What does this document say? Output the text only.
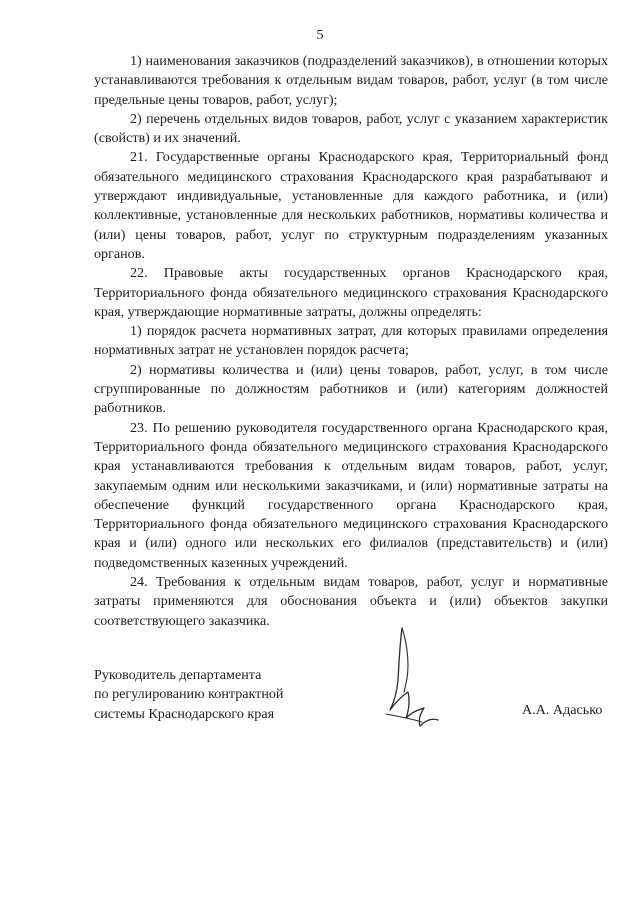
5

1) наименования заказчиков (подразделений заказчиков), в отношении которых устанавливаются требования к отдельным видам товаров, работ, услуг (в том числе предельные цены товаров, работ, услуг);

2) перечень отдельных видов товаров, работ, услуг с указанием характеристик (свойств) и их значений.

21. Государственные органы Краснодарского края, Территориальный фонд обязательного медицинского страхования Краснодарского края разрабатывают и утверждают индивидуальные, установленные для каждого работника, и (или) коллективные, установленные для нескольких работников, нормативы количества и (или) цены товаров, работ, услуг по структурным подразделениям указанных органов.

22. Правовые акты государственных органов Краснодарского края, Территориального фонда обязательного медицинского страхования Краснодарского края, утверждающие нормативные затраты, должны определять:

1) порядок расчета нормативных затрат, для которых правилами определения нормативных затрат не установлен порядок расчета;

2) нормативы количества и (или) цены товаров, работ, услуг, в том числе сгруппированные по должностям работников и (или) категориям должностей работников.

23. По решению руководителя государственного органа Краснодарского края, Территориального фонда обязательного медицинского страхования Краснодарского края устанавливаются требования к отдельным видам товаров, работ, услуг, закупаемым одним или несколькими заказчиками, и (или) нормативные затраты на обеспечение функций государственного органа Краснодарского края, Территориального фонда обязательного медицинского страхования Краснодарского края и (или) одного или нескольких его филиалов (представительств) и (или) подведомственных казенных учреждений.

24. Требования к отдельным видам товаров, работ, услуг и нормативные затраты применяются для обоснования объекта и (или) объектов закупки соответствующего заказчика.

Руководитель департамента
по регулированию контрактной
системы Краснодарского края	А.А. Адасько
